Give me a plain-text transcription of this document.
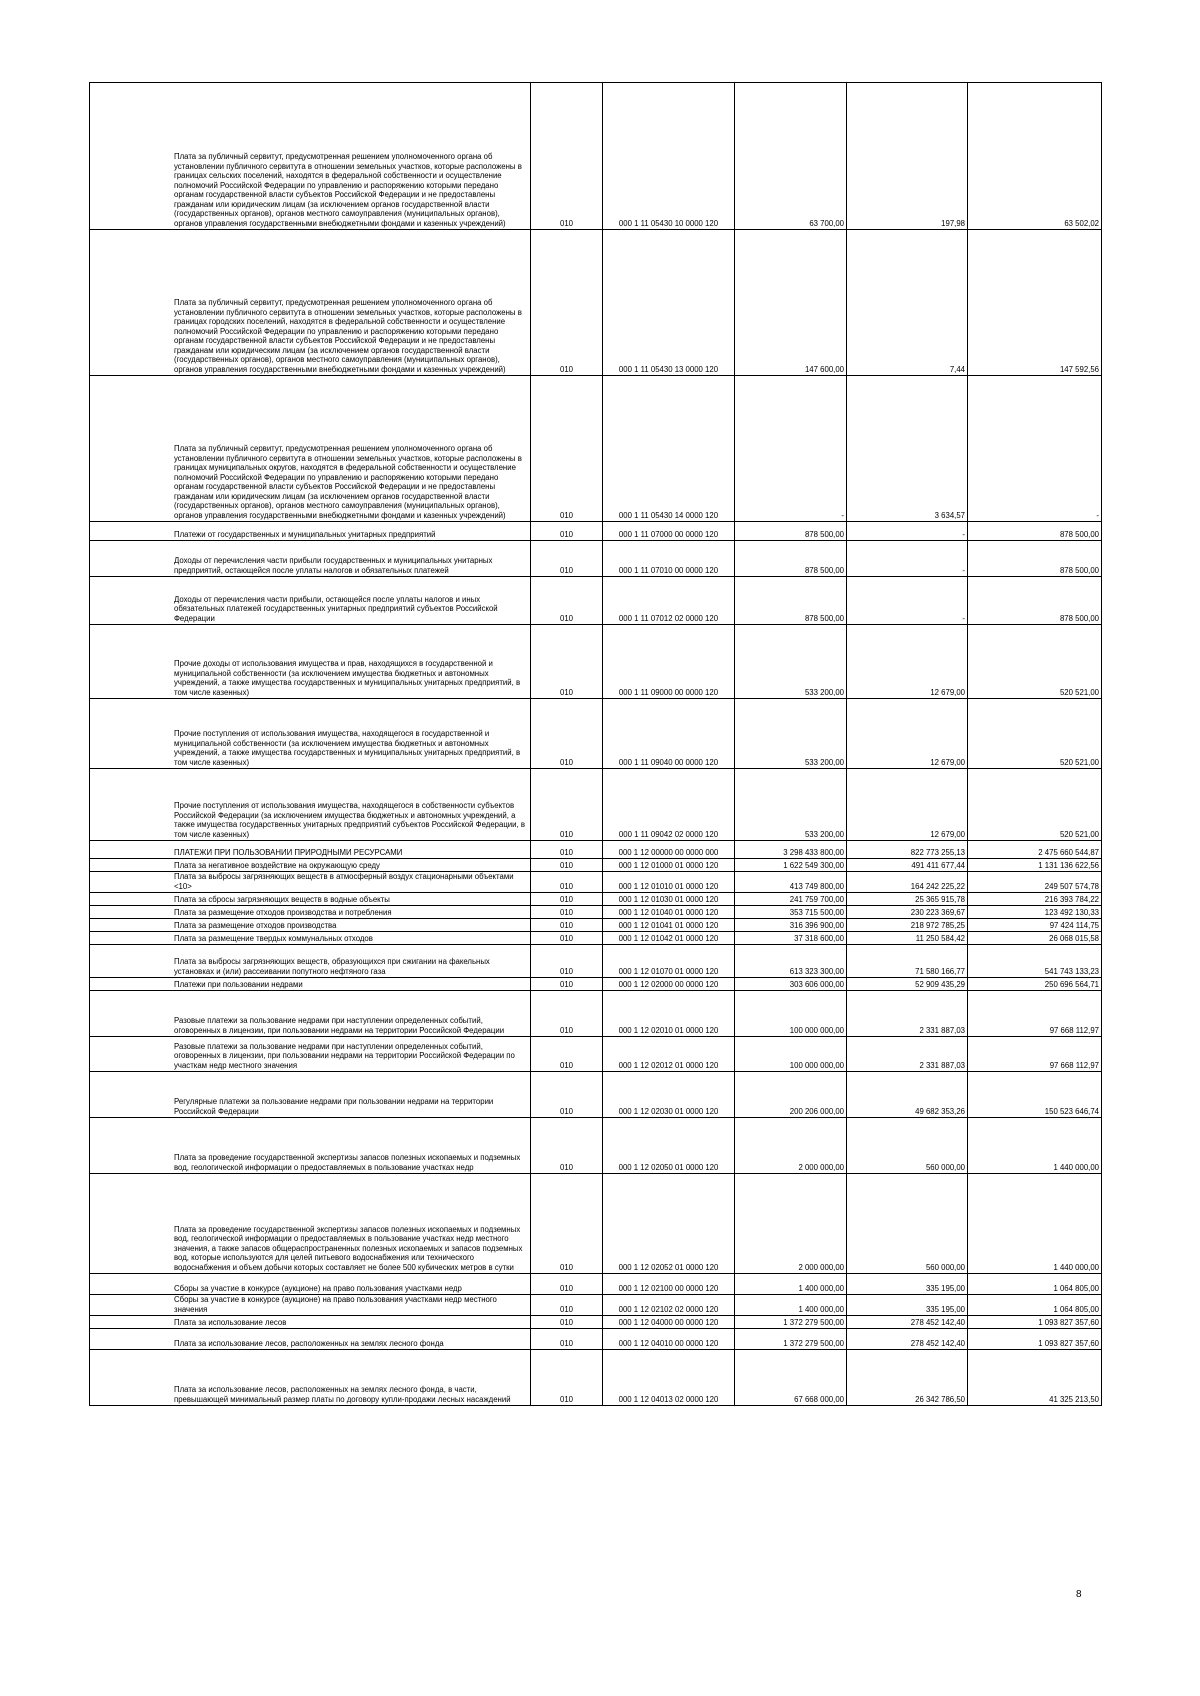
Плата за публичный сервитут, предусмотренная решением уполномоченного органа об установлении публичного сервитута в отношении земельных участков, которые расположены в границах сельских поселений, находятся в федеральной собственности и осуществление полномочий Российской Федерации по управлению и распоряжению которыми передано органам государственной власти субъектов Российской Федерации и не предоставлены гражданам или юридическим лицам (за исключением органов государственной власти (государственных органов), органов местного самоуправления (муниципальных органов), органов управления государственными внебюджетными фондами и казенных учреждений)	010	000 1 11 05430 10 0000 120	63 700,00	197,98	63 502,02
Плата за публичный сервитут, предусмотренная решением уполномоченного органа об установлении публичного сервитута в отношении земельных участков, которые расположены в границах городских поселений, находятся в федеральной собственности и осуществление полномочий Российской Федерации по управлению и распоряжению которыми передано органам государственной власти субъектов Российской Федерации и не предоставлены гражданам или юридическим лицам (за исключением органов государственной власти (государственных органов), органов местного самоуправления (муниципальных органов), органов управления государственными внебюджетными фондами и казенных учреждений)	010	000 1 11 05430 13 0000 120	147 600,00	7,44	147 592,56
Плата за публичный сервитут, предусмотренная решением уполномоченного органа об установлении публичного сервитута в отношении земельных участков, которые расположены в границах муниципальных округов, находятся в федеральной собственности и осуществление полномочий Российской Федерации по управлению и распоряжению которыми передано органам государственной власти субъектов Российской Федерации и не предоставлены гражданам или юридическим лицам (за исключением органов государственной власти (государственных органов), органов местного самоуправления (муниципальных органов), органов управления государственными внебюджетными фондами и казенных учреждений)	010	000 1 11 05430 14 0000 120	-	3 634,57	-
Платежи от государственных и муниципальных унитарных предприятий	010	000 1 11 07000 00 0000 120	878 500,00	-	878 500,00
Доходы от перечисления части прибыли государственных и муниципальных унитарных предприятий, остающейся после уплаты налогов и обязательных платежей	010	000 1 11 07010 00 0000 120	878 500,00	-	878 500,00
Доходы от перечисления части прибыли, остающейся после уплаты налогов и иных обязательных платежей государственных унитарных предприятий субъектов Российской Федерации	010	000 1 11 07012 02 0000 120	878 500,00	-	878 500,00
Прочие доходы от использования имущества и прав, находящихся в государственной и муниципальной собственности (за исключением имущества бюджетных и автономных учреждений, а также имущества государственных и муниципальных унитарных предприятий, в том числе казенных)	010	000 1 11 09000 00 0000 120	533 200,00	12 679,00	520 521,00
Прочие поступления от использования имущества, находящегося в государственной и муниципальной собственности (за исключением имущества бюджетных и автономных учреждений, а также имущества государственных и муниципальных унитарных предприятий, в том числе казенных)	010	000 1 11 09040 00 0000 120	533 200,00	12 679,00	520 521,00
Прочие поступления от использования имущества, находящегося в собственности субъектов Российской Федерации (за исключением имущества бюджетных и автономных учреждений, а также имущества государственных унитарных предприятий субъектов Российской Федерации, в том числе казенных)	010	000 1 11 09042 02 0000 120	533 200,00	12 679,00	520 521,00
ПЛАТЕЖИ ПРИ ПОЛЬЗОВАНИИ ПРИРОДНЫМИ РЕСУРСАМИ	010	000 1 12 00000 00 0000 000	3 298 433 800,00	822 773 255,13	2 475 660 544,87
Плата за негативное воздействие на окружающую среду	010	000 1 12 01000 01 0000 120	1 622 549 300,00	491 411 677,44	1 131 136 622,56
Плата за выбросы загрязняющих веществ в атмосферный воздух стационарными объектами <10>	010	000 1 12 01010 01 0000 120	413 749 800,00	164 242 225,22	249 507 574,78
Плата за сбросы загрязняющих веществ в водные объекты	010	000 1 12 01030 01 0000 120	241 759 700,00	25 365 915,78	216 393 784,22
Плата за размещение отходов производства и потребления	010	000 1 12 01040 01 0000 120	353 715 500,00	230 223 369,67	123 492 130,33
Плата за размещение отходов производства	010	000 1 12 01041 01 0000 120	316 396 900,00	218 972 785,25	97 424 114,75
Плата за размещение твердых коммунальных отходов	010	000 1 12 01042 01 0000 120	37 318 600,00	11 250 584,42	26 068 015,58
Плата за выбросы загрязняющих веществ, образующихся при сжигании на факельных установках и (или) рассеивании попутного нефтяного газа	010	000 1 12 01070 01 0000 120	613 323 300,00	71 580 166,77	541 743 133,23
Платежи при пользовании недрами	010	000 1 12 02000 00 0000 120	303 606 000,00	52 909 435,29	250 696 564,71
Разовые платежи за пользование недрами при наступлении определенных событий, оговоренных в лицензии, при пользовании недрами на территории Российской Федерации	010	000 1 12 02010 01 0000 120	100 000 000,00	2 331 887,03	97 668 112,97
Разовые платежи за пользование недрами при наступлении определенных событий, оговоренных в лицензии, при пользовании недрами на территории Российской Федерации по участкам недр местного значения	010	000 1 12 02012 01 0000 120	100 000 000,00	2 331 887,03	97 668 112,97
Регулярные платежи за пользование недрами при пользовании недрами на территории Российской Федерации	010	000 1 12 02030 01 0000 120	200 206 000,00	49 682 353,26	150 523 646,74
Плата за проведение государственной экспертизы запасов полезных ископаемых и подземных вод, геологической информации о предоставляемых в пользование участках недр	010	000 1 12 02050 01 0000 120	2 000 000,00	560 000,00	1 440 000,00
Плата за проведение государственной экспертизы запасов полезных ископаемых и подземных вод, геологической информации о предоставляемых в пользование участках недр местного значения, а также запасов общераспространенных полезных ископаемых и запасов подземных вод, которые используются для целей питьевого водоснабжения или технического водоснабжения и объем добычи которых составляет не более 500 кубических метров в сутки	010	000 1 12 02052 01 0000 120	2 000 000,00	560 000,00	1 440 000,00
Сборы за участие в конкурсе (аукционе) на право пользования участками недр	010	000 1 12 02100 00 0000 120	1 400 000,00	335 195,00	1 064 805,00
Сборы за участие в конкурсе (аукционе) на право пользования участками недр местного значения	010	000 1 12 02102 02 0000 120	1 400 000,00	335 195,00	1 064 805,00
Плата за использование лесов	010	000 1 12 04000 00 0000 120	1 372 279 500,00	278 452 142,40	1 093 827 357,60
Плата за использование лесов, расположенных на землях лесного фонда	010	000 1 12 04010 00 0000 120	1 372 279 500,00	278 452 142,40	1 093 827 357,60
Плата за использование лесов, расположенных на землях лесного фонда, в части, превышающей минимальный размер платы по договору купли-продажи лесных насаждений	010	000 1 12 04013 02 0000 120	67 668 000,00	26 342 786,50	41 325 213,50
8
